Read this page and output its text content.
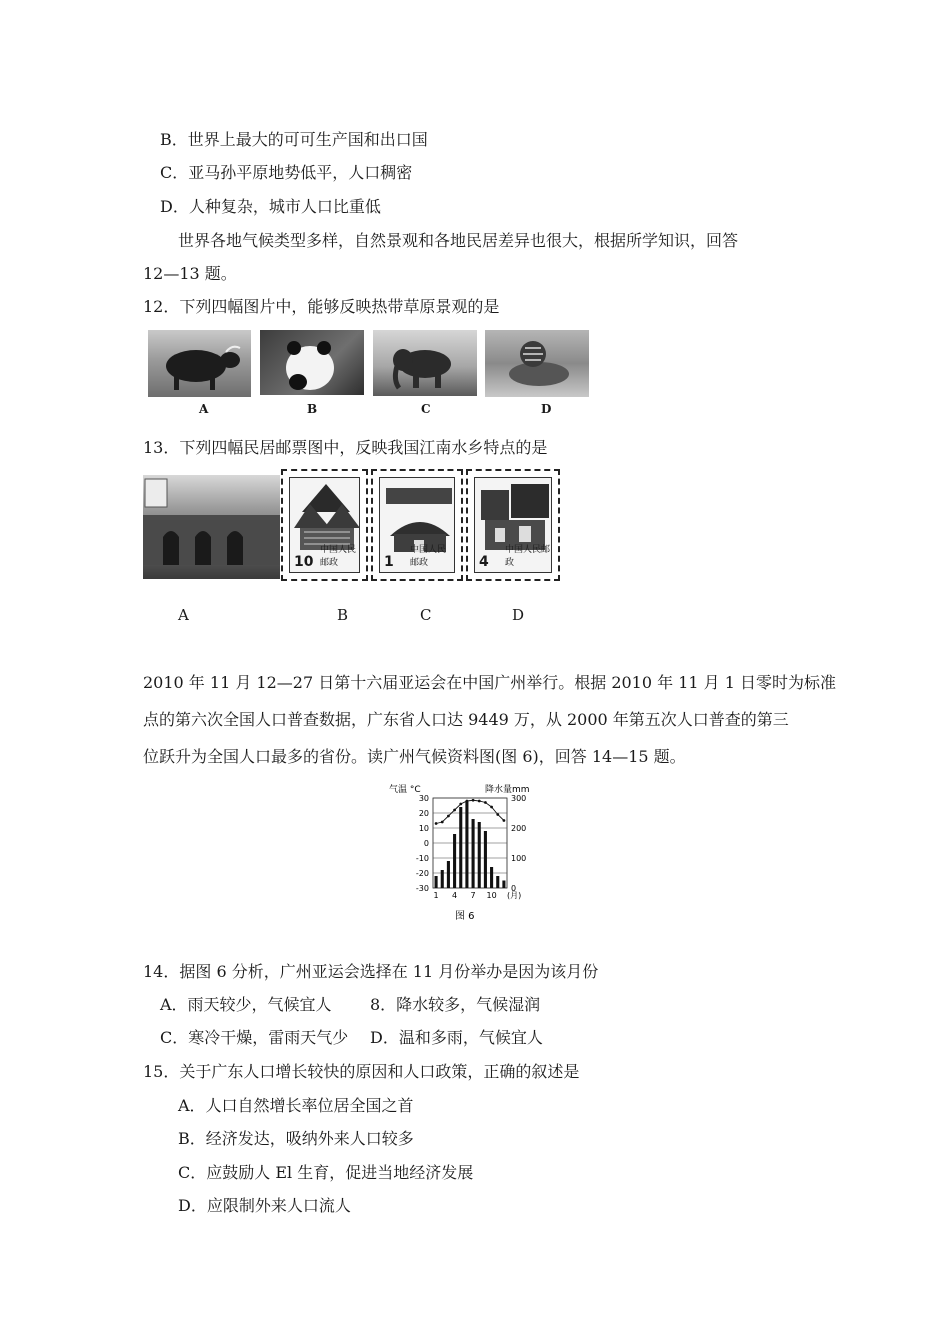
B．世界上最大的可可生产国和出口国
C．亚马孙平原地势低平，人口稠密
D．人种复杂，城市人口比重低
世界各地气候类型多样，自然景观和各地民居差异也很大，根据所学知识，回答
12—13 题。
12．下列四幅图片中，能够反映热带草原景观的是
A	B	C	D
13．下列四幅民居邮票图中，反映我国江南水乡特点的是
10
中国人民邮政	1
中国人民邮政	4
中国人民邮政
A	B	C	D
2010 年 11 月 12—27 日第十六届亚运会在中国广州举行。根据 2010 年 11 月 1 日零时为标准
点的第六次全国人口普查数据，广东省人口达 9449 万，从 2000 年第五次人口普查的第三
位跃升为全国人口最多的省份。读广州气候资料图(图 6)，回答 14—15 题。
气温 °C	降水量mm
30
20
10
0
-10
-20
-30
300
200
100
0
1 4 7 10 (月)
图 6
14．据图 6 分析，广州亚运会选择在 11 月份举办是因为该月份
A．雨天较少，气候宜人 8．降水较多，气候湿润
C．寒冷干燥，雷雨天气少 D．温和多雨，气候宜人
15．关于广东人口增长较快的原因和人口政策，正确的叙述是
A．人口自然增长率位居全国之首
B．经济发达，吸纳外来人口较多
C．应鼓励人 El 生育，促进当地经济发展
D．应限制外来人口流人
